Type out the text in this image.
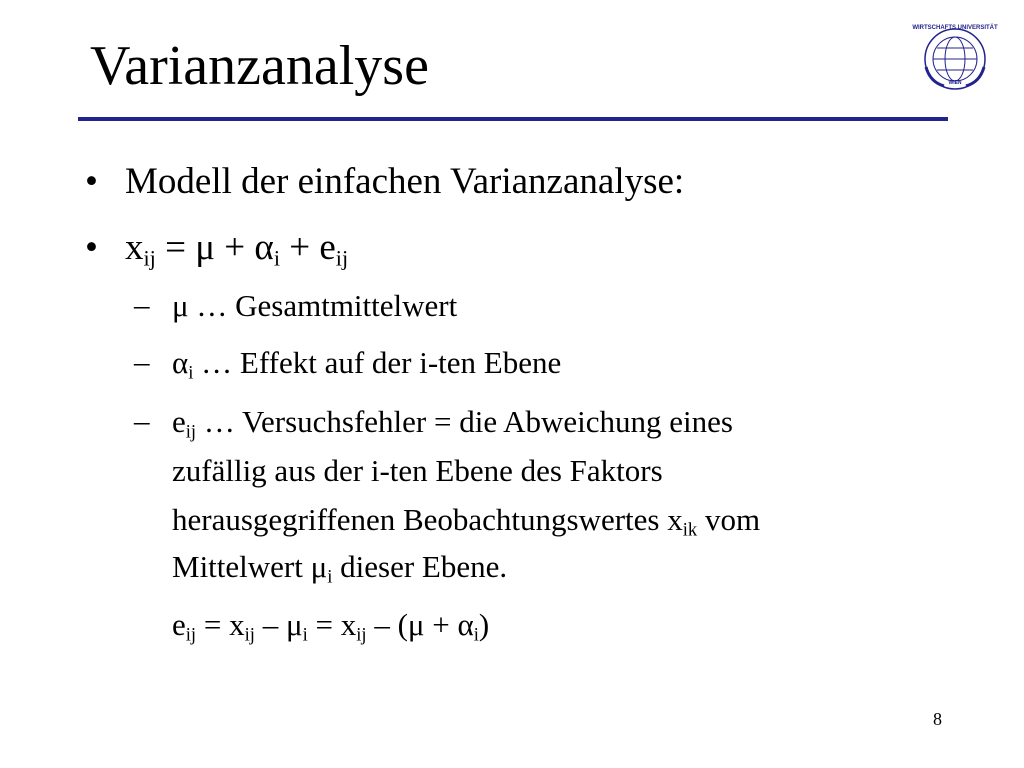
Varianzanalyse
WIRTSCHAFTS UNIVERSITÄT
WIEN
• Modell der einfachen Varianzanalyse:
• $x_{ij} = \mu + \alpha_i + e_{ij}$
– μ … Gesamtmittelwert
– $\alpha_i$ … Effekt auf der i-ten Ebene
– $e_{ij}$ … Versuchsfehler = die Abweichung eines
zufällig aus der i-ten Ebene des Faktors
herausgegriffenen Beobachtungswertes $x_{ik}$ vom
Mittelwert $\mu_i$ dieser Ebene.
$e_{ij} = x_{ij} - \mu_i = x_{ij} - (\mu + \alpha_i)$
8
